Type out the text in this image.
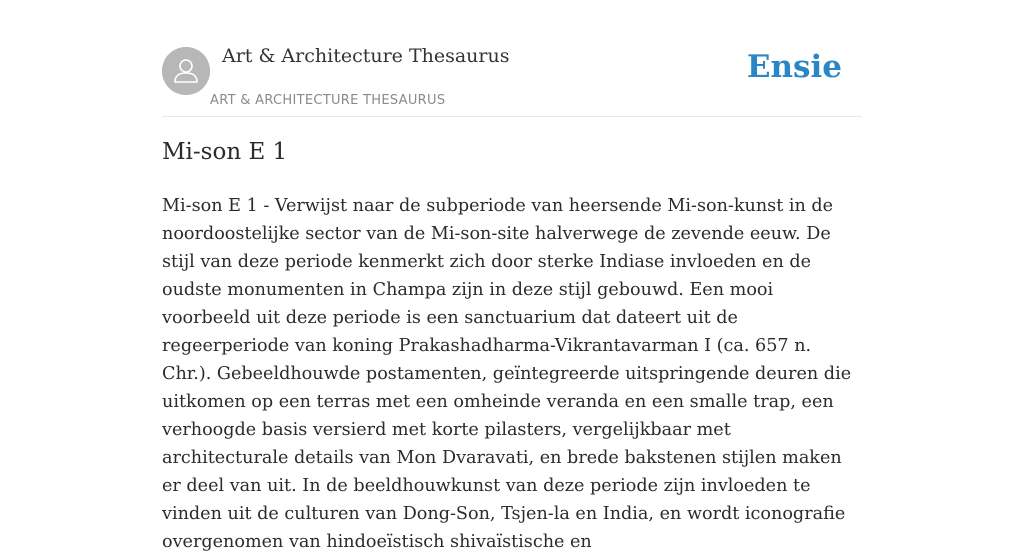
Art & Architecture Thesaurus
ART & ARCHITECTURE THESAURUS
Ensie
Mi-son E 1

Mi-son E 1 - Verwijst naar de subperiode van heersende Mi-son-kunst in de noordoostelijke sector van de Mi-son-site halverwege de zevende eeuw. De stijl van deze periode kenmerkt zich door sterke Indiase invloeden en de oudste monumenten in Champa zijn in deze stijl gebouwd. Een mooi voorbeeld uit deze periode is een sanctuarium dat dateert uit de regeerperiode van koning Prakashadharma-Vikrantavarman I (ca. 657 n. Chr.). Gebeeldhouwde postamenten, geïntegreerde uitspringende deuren die uitkomen op een terras met een omheinde veranda en een smalle trap, een verhoogde basis versierd met korte pilasters, vergelijkbaar met architecturale details van Mon Dvaravati, en brede bakstenen stijlen maken er deel van uit. In de beeldhouwkunst van deze periode zijn invloeden te vinden uit de culturen van Dong-Son, Tsjen-la en India, en wordt iconografie overgenomen van hindoeïstisch shivaïstische en
